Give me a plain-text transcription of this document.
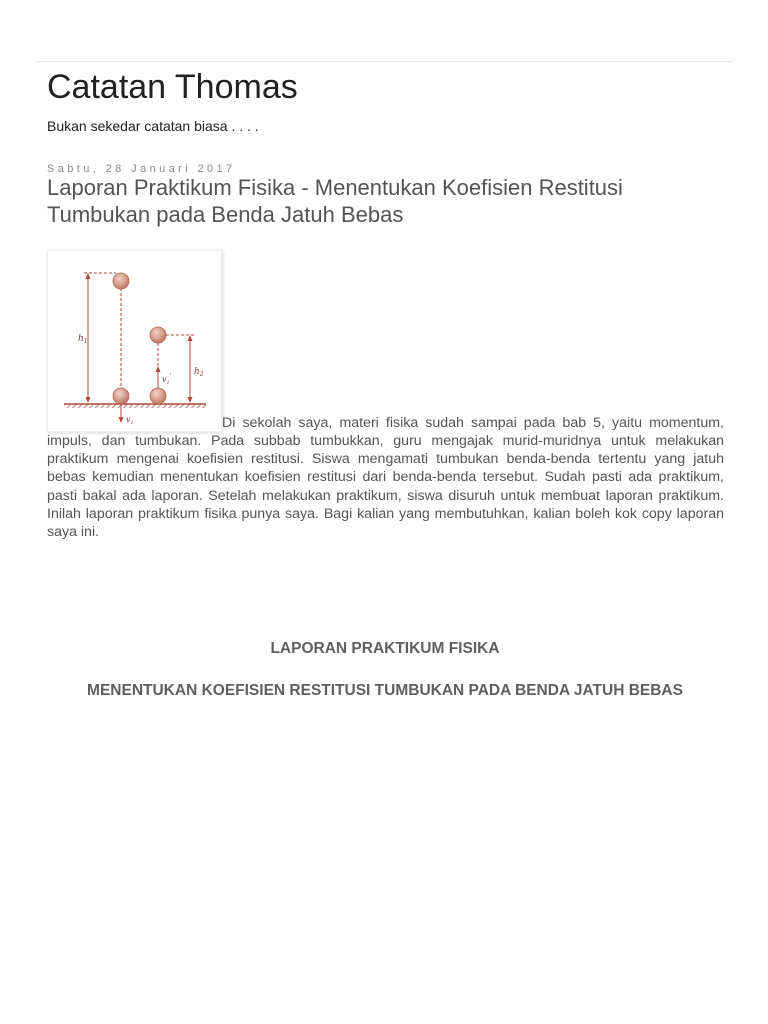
Catatan Thomas
Bukan sekedar catatan biasa . . . .
Sabtu, 28 Januari 2017
Laporan Praktikum Fisika - Menentukan Koefisien Restitusi Tumbukan pada Benda Jatuh Bebas
$h_1$
$v_1$
$v_1'$	$h_2$
Di sekolah saya, materi fisika sudah sampai pada bab 5, yaitu momentum, impuls, dan tumbukan. Pada subbab tumbukkan, guru mengajak murid-muridnya untuk melakukan praktikum mengenai koefisien restitusi. Siswa mengamati tumbukan benda-benda tertentu yang jatuh bebas kemudian menentukan koefisien restitusi dari benda-benda tersebut. Sudah pasti ada praktikum, pasti bakal ada laporan. Setelah melakukan praktikum, siswa disuruh untuk membuat laporan praktikum. Inilah laporan praktikum fisika punya saya. Bagi kalian yang membutuhkan, kalian boleh kok copy laporan saya ini.
LAPORAN PRAKTIKUM FISIKA
MENENTUKAN KOEFISIEN RESTITUSI TUMBUKAN PADA BENDA JATUH BEBAS
